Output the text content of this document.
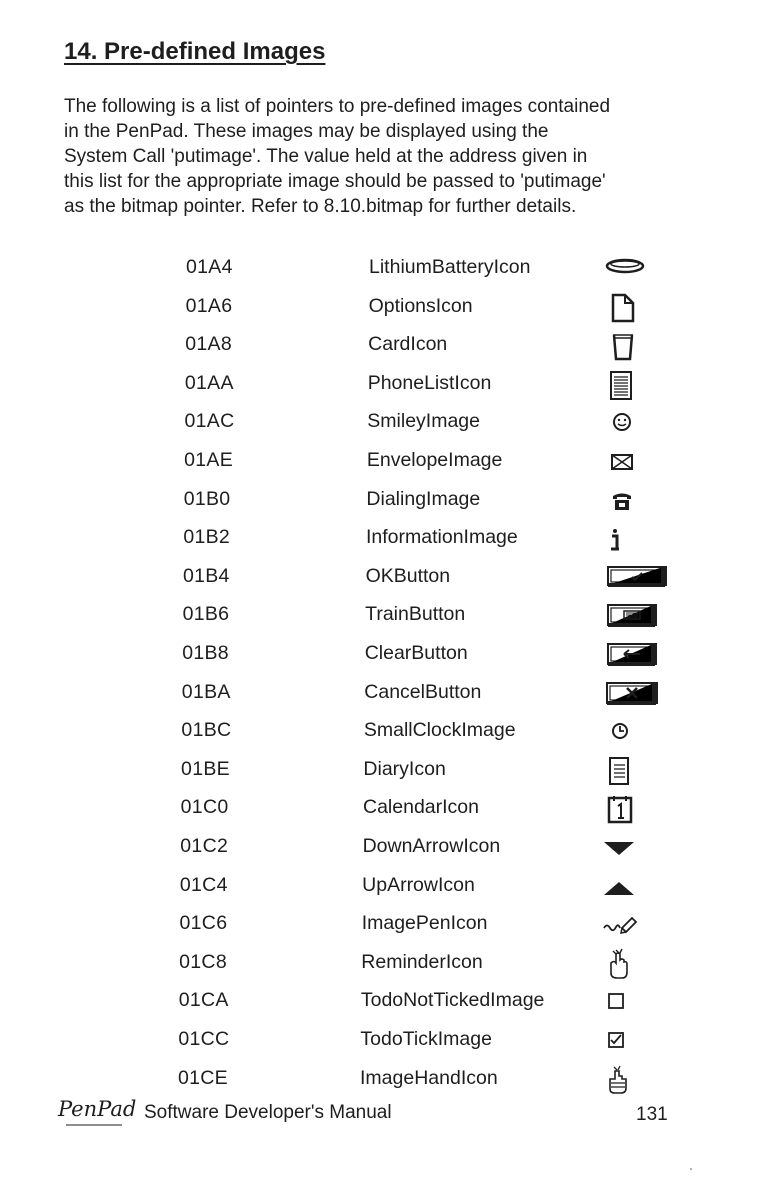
14. Pre-defined Images

The following is a list of pointers to pre-defined images contained
in the PenPad. These images may be displayed using the
System Call 'putimage'. The value held at the address given in
this list for the appropriate image should be passed to 'putimage'
as the bitmap pointer. Refer to 8.10.bitmap for further details.

01A4	LithiumBatteryIcon
01A6	OptionsIcon
01A8	CardIcon
01AA	PhoneListIcon
01AC	SmileyImage
01AE	EnvelopeImage
01B0	DialingImage
01B2	InformationImage
01B4	OKButton
01B6	TrainButton
01B8	ClearButton
01BA	CancelButton
01BC	SmallClockImage
01BE	DiaryIcon
01C0	CalendarIcon
01C2	DownArrowIcon
01C4	UpArrowIcon
01C6	ImagePenIcon
01C8	ReminderIcon
01CA	TodoNotTickedImage
01CC	TodoTickImage
01CE	ImageHandIcon
PenPad Software Developer's Manual	131
